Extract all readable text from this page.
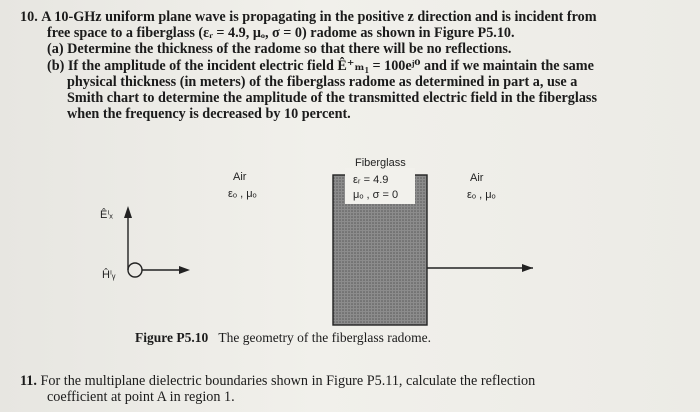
10. A 10-GHz uniform plane wave is propagating in the positive z direction and is incident from

free space to a fiberglass (εᵣ = 4.9, μₒ, σ = 0) radome as shown in Figure P5.10.

(a) Determine the thickness of the radome so that there will be no reflections.

(b) If the amplitude of the incident electric field Ê⁺ₘ₁ = 100eʲ⁰ and if we maintain the same

physical thickness (in meters) of the fiberglass radome as determined in part a, use a

Smith chart to determine the amplitude of the transmitted electric field in the fiberglass

when the frequency is decreased by 10 percent.

Air
εₒ , μₒ
Fiberglass
εᵣ = 4.9
μₒ , σ = 0
Air
εₒ , μₒ
Êⁱₓ
Ĥⁱᵧ
Figure P5.10 The geometry of the fiberglass radome.

11. For the multiplane dielectric boundaries shown in Figure P5.11, calculate the reflection

coefficient at point A in region 1.
